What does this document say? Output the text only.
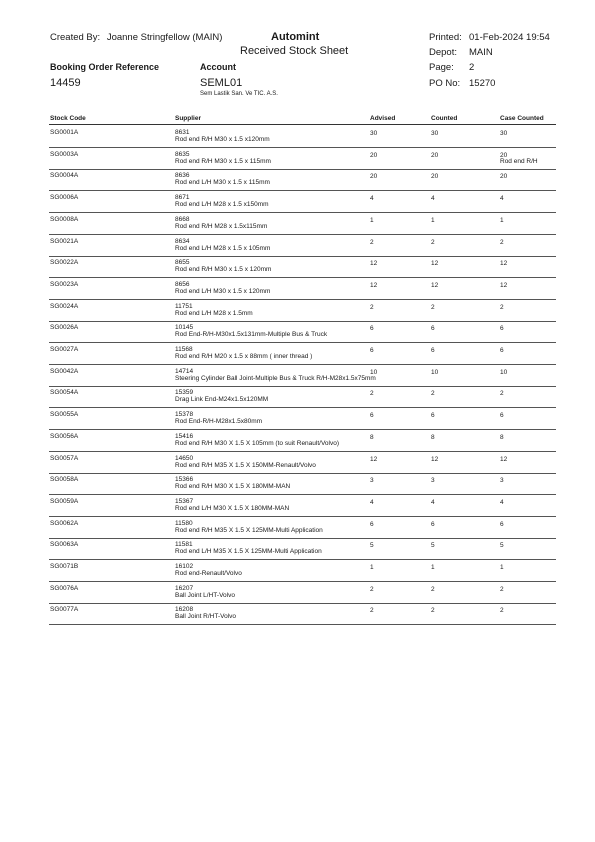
Created By: Joanne Stringfellow (MAIN)	Automint
Received Stock Sheet
Printed: 01-Feb-2024 19:54
Depot: MAIN
Page: 2
PO No: 15270
Booking Order Reference
14459
Account
SEML01
Sem Lastik San. Ve TIC. A.S.
Stock Code	Supplier	Advised	Counted	Case Counted
SG0001A	8631
Rod end R/H M30 x 1.5 x120mm
30	30	30
SG0003A	8635
Rod end R/H M30 x 1.5 x 115mm
20	20	20
Rod end R/H
SG0004A	8636
Rod end L/H M30 x 1.5 x 115mm
20	20	20
SG0006A	8671
Rod end L/H M28 x 1.5 x150mm
4	4	4
SG0008A	8668
Rod end R/H M28 x 1.5x115mm
1	1	1
SG0021A	8634
Rod end L/H M28 x 1.5 x 105mm
2	2	2
SG0022A	8655
Rod end R/H M30 x 1.5 x 120mm
12	12	12
SG0023A	8656
Rod end L/H M30 x 1.5 x 120mm
12	12	12
SG0024A	11751
Rod end L/H M28 x 1.5mm
2	2	2
SG0026A	10145
Rod End-R/H-M30x1.5x131mm-Multiple Bus & Truck
6	6	6
SG0027A	11568
Rod end R/H M20 x 1.5 x 88mm ( inner thread )
6	6	6
SG0042A	14714
Steering Cylinder Ball Joint-Multiple Bus & Truck R/H-M28x1.5x75mm
10	10	10
SG0054A	15359
Drag Link End-M24x1.5x120MM
2	2	2
SG0055A	15378
Rod End-R/H-M28x1.5x80mm
6	6	6
SG0056A	15416
Rod end R/H M30 X 1.5 X 105mm (to suit Renault/Volvo)
8	8	8
SG0057A	14650
Rod end R/H M35 X 1.5 X 150MM-Renault/Volvo
12	12	12
SG0058A	15366
Rod end R/H M30 X 1.5 X 180MM-MAN
3	3	3
SG0059A	15367
Rod end L/H M30 X 1.5 X 180MM-MAN
4	4	4
SG0062A	11580
Rod end R/H M35 X 1.5 X 125MM-Multi Application
6	6	6
SG0063A	11581
Rod end L/H M35 X 1.5 X 125MM-Multi Application
5	5	5
SG0071B	16102
Rod end-Renault/Volvo
1	1	1
SG0076A	16207
Ball Joint L/HT-Volvo
2	2	2
SG0077A	16208
Ball Joint R/HT-Volvo
2	2	2
